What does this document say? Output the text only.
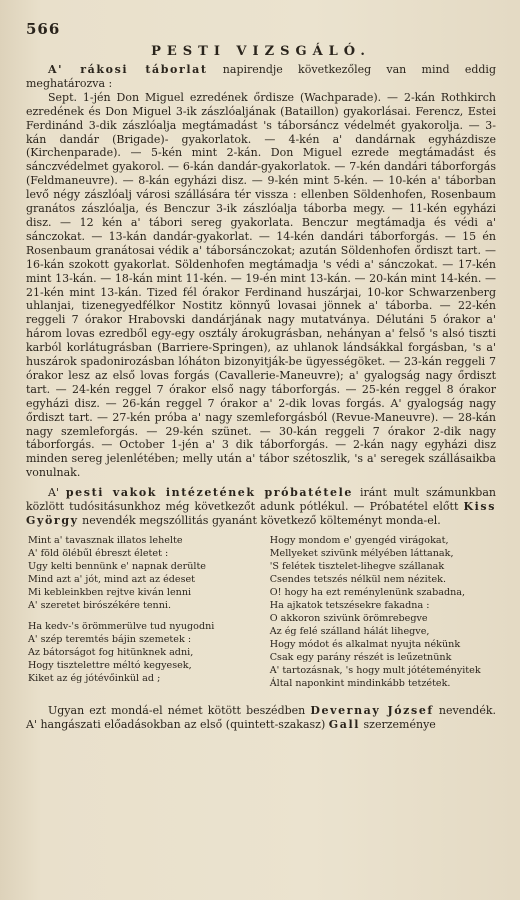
566
PESTI VIZSGÁLÓ.

A' rákosi táborlat napirendje következőleg van mind eddig meghatározva :

Sept. 1-jén Don Miguel ezredének őrdisze (Wachparade). — 2-kán Rothkirch ezredének és Don Miguel 3-ik zászlóaljának (Bataillon) gyakorlásai. Ferencz, Estei Ferdinánd 3-dik zászlóalja megtámadást 's táborsáncz védelmét gyakorolja. — 3-kán dandár (Brigade)- gyakorlatok. — 4-kén a' dandárnak egyházdisze (Kirchenparade). — 5-kén mint 2-kán. Don Miguel ezrede megtámadást és sánczvédelmet gyakorol. — 6-kán dandár-gyakorlatok. — 7-kén dandári táborforgás (Feldmaneuvre). — 8-kán egyházi disz. — 9-kén mint 5-kén. — 10-kén a' táborban levő négy zászlóalj városi szállására tér vissza : ellenben Söldenhofen, Rosenbaum granátos zászlóalja, és Benczur 3-ik zászlóalja táborba megy. — 11-kén egyházi disz. — 12 kén a' tábori sereg gyakorlata. Benczur megtámadja és védi a' sánczokat. — 13-kán dandár-gyakorlat. — 14-kén dandári táborforgás. — 15 én Rosenbaum granátosai védik a' táborsánczokat; azután Söldenhofen őrdiszt tart. — 16-kán szokott gyakorlat. Söldenhofen megtámadja 's védi a' sánczokat. — 17-kén mint 13-kán. — 18-kán mint 11-kén. — 19-én mint 13-kán. — 20-kán mint 14-kén. — 21-kén mint 13-kán. Tized fél órakor Ferdinand huszárjai, 10-kor Schwarzenberg uhlanjai, tizenegyedfélkor Nostitz könnyű lovasai jönnek a' táborba. — 22-kén reggeli 7 órakor Hrabovski dandárjának nagy mutatványa. Délutáni 5 órakor a' három lovas ezredből egy-egy osztály árokugrásban, nehányan a' felső 's alsó tiszti karból korlátugrásban (Barriere-Springen), az uhlanok lándsákkal forgásban, 's a' huszárok spadonirozásban lóháton bizonyitják-be ügyességöket. — 23-kán reggeli 7 órakor lesz az első lovas forgás (Cavallerie-Maneuvre); a' gyalogság nagy őrdiszt tart. — 24-kén reggel 7 órakor első nagy táborforgás. — 25-kén reggel 8 órakor egyházi disz. — 26-kán reggel 7 órakor a' 2-dik lovas forgás. A' gyalogság nagy őrdiszt tart. — 27-kén próba a' nagy szemleforgásból (Revue-Maneuvre). — 28-kán nagy szemleforgás. — 29-kén szünet. — 30-kán reggeli 7 órakor 2-dik nagy táborforgás. — October 1-jén a' 3 dik táborforgás. — 2-kán nagy egyházi disz minden sereg jelenlétében; melly után a' tábor szétoszlik, 's a' seregek szállásaikba vonulnak.

A' pesti vakok intézetének próbatétele iránt mult számunkban közlött tudósitásunkhoz még következőt adunk pótlékul. — Próbatétel előtt Kiss György nevendék megszóllitás gyanánt következő költeményt monda-el.

Mint a' tavasznak illatos lehelte
A' föld ölébűl ébreszt életet :
Ugy kelti bennünk e' napnak derülte
Mind azt a' jót, mind azt az édeset
Mi kebleinkben rejtve kiván lenni
A' szeretet birószékére tenni.
Ha kedv-'s örömmerülve tud nyugodni
A' szép teremtés bájin szemetek :
Az bátorságot fog hitünknek adni,
Hogy tisztelettre méltó kegyesek,
Kiket az ég jótévőinkül ad ;
Hogy mondom e' gyengéd virágokat,
Mellyeket szivünk mélyében láttanak,
'S felétek tisztelet-lihegve szállanak
Csendes tetszés nélkül nem nézitek.
O! hogy ha ezt reménylenünk szabadna,
Ha ajkatok tetszésekre fakadna :
O akkoron szivünk örömrebegve
Az ég felé szálland hálát lihegve,
Hogy módot és alkalmat nyujta nékünk
Csak egy parány részét is leűzetnünk
A' tartozásnak, 's hogy mult jótéteményitek
Által naponkint mindinkább tetzétek.

Ugyan ezt mondá-el német kötött beszédben Devernay József nevendék. A' hangászati előadásokban az első (quintett-szakasz) Gall szerzeménye
